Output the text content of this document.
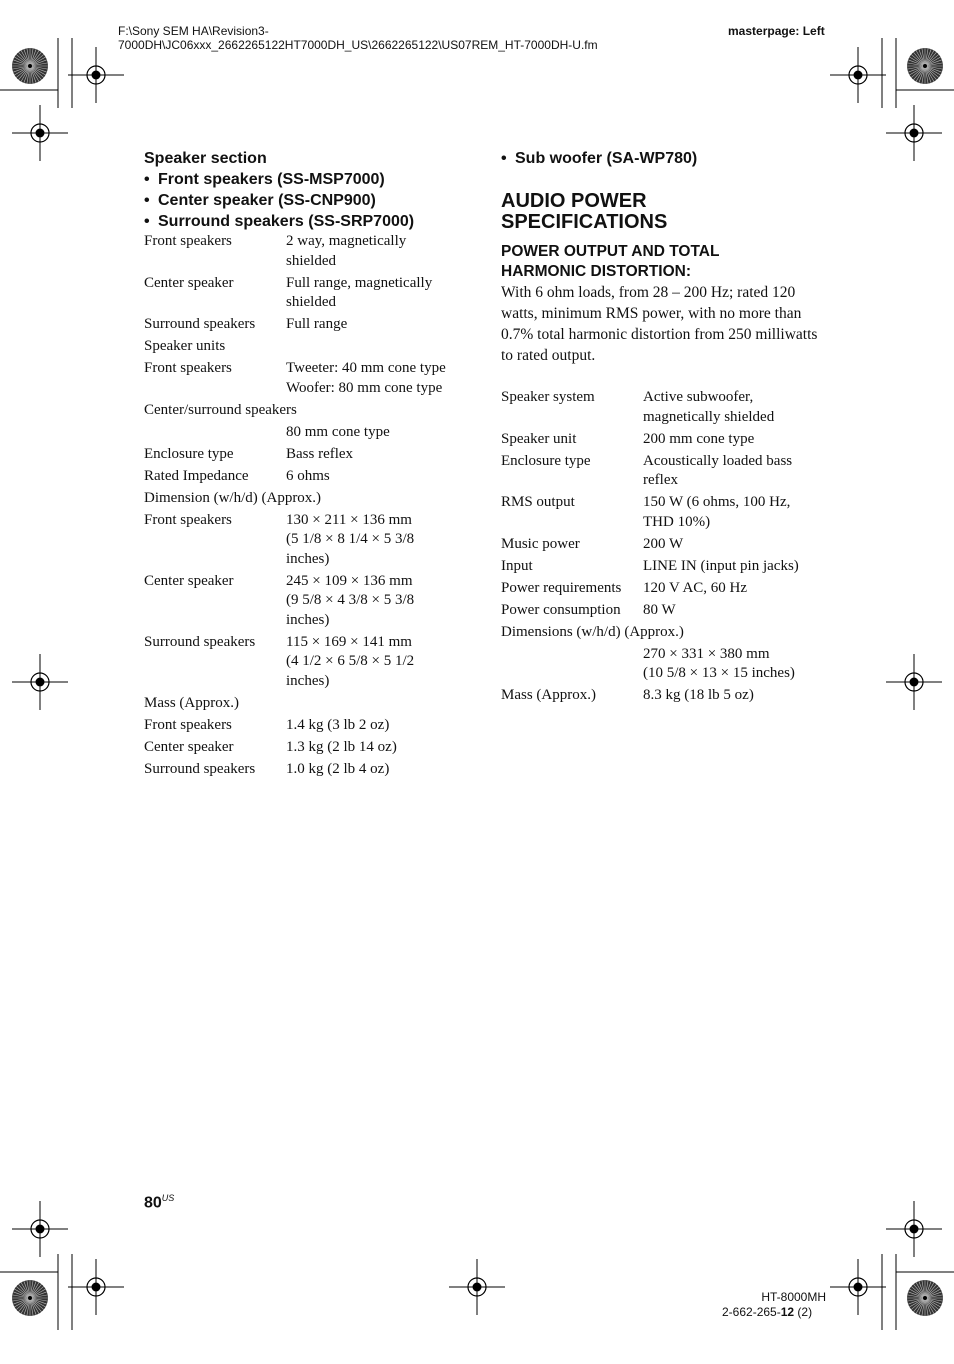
F:\Sony SEM HA\Revision3-
7000DH\JC06xxx_2662265122HT7000DH_US\2662265122\US07REM_HT-7000DH-U.fm
masterpage: Left
Speaker section
• Front speakers (SS-MSP7000)
• Center speaker (SS-CNP900)
• Surround speakers (SS-SRP7000)
Front speakers	2 way, magnetically
shielded
Center speaker	Full range, magnetically
shielded
Surround speakers	Full range
Speaker units
Front speakers	Tweeter: 40 mm cone type
Woofer: 80 mm cone type
Center/surround speakers
80 mm cone type
Enclosure type	Bass reflex
Rated Impedance	6 ohms
Dimension (w/h/d) (Approx.)
Front speakers	130 × 211 × 136 mm
(5 1/8 × 8 1/4 × 5 3/8
inches)
Center speaker	245 × 109 × 136 mm
(9 5/8 × 4 3/8 × 5 3/8
inches)
Surround speakers	115 × 169 × 141 mm
(4 1/2 × 6 5/8 × 5 1/2
inches)
Mass (Approx.)
Front speakers	1.4 kg (3 lb 2 oz)
Center speaker	1.3 kg (2 lb 14 oz)
Surround speakers	1.0 kg (2 lb 4 oz)
• Sub woofer (SA-WP780)
AUDIO POWER
SPECIFICATIONS
POWER OUTPUT AND TOTAL
HARMONIC DISTORTION:
With 6 ohm loads, from 28 – 200 Hz; rated 120 watts, minimum RMS power, with no more than 0.7% total harmonic distortion from 250 milliwatts to rated output.
Speaker system	Active subwoofer,
magnetically shielded
Speaker unit	200 mm cone type
Enclosure type	Acoustically loaded bass
reflex
RMS output	150 W (6 ohms, 100 Hz,
THD 10%)
Music power	200 W
Input	LINE IN (input pin jacks)
Power requirements	120 V AC, 60 Hz
Power consumption	80 W
Dimensions (w/h/d) (Approx.)
270 × 331 × 380 mm
(10 5/8 × 13 × 15 inches)
Mass (Approx.)	8.3 kg (18 lb 5 oz)
$80^{US}$
HT-8000MH
2-662-265-12 (2)
